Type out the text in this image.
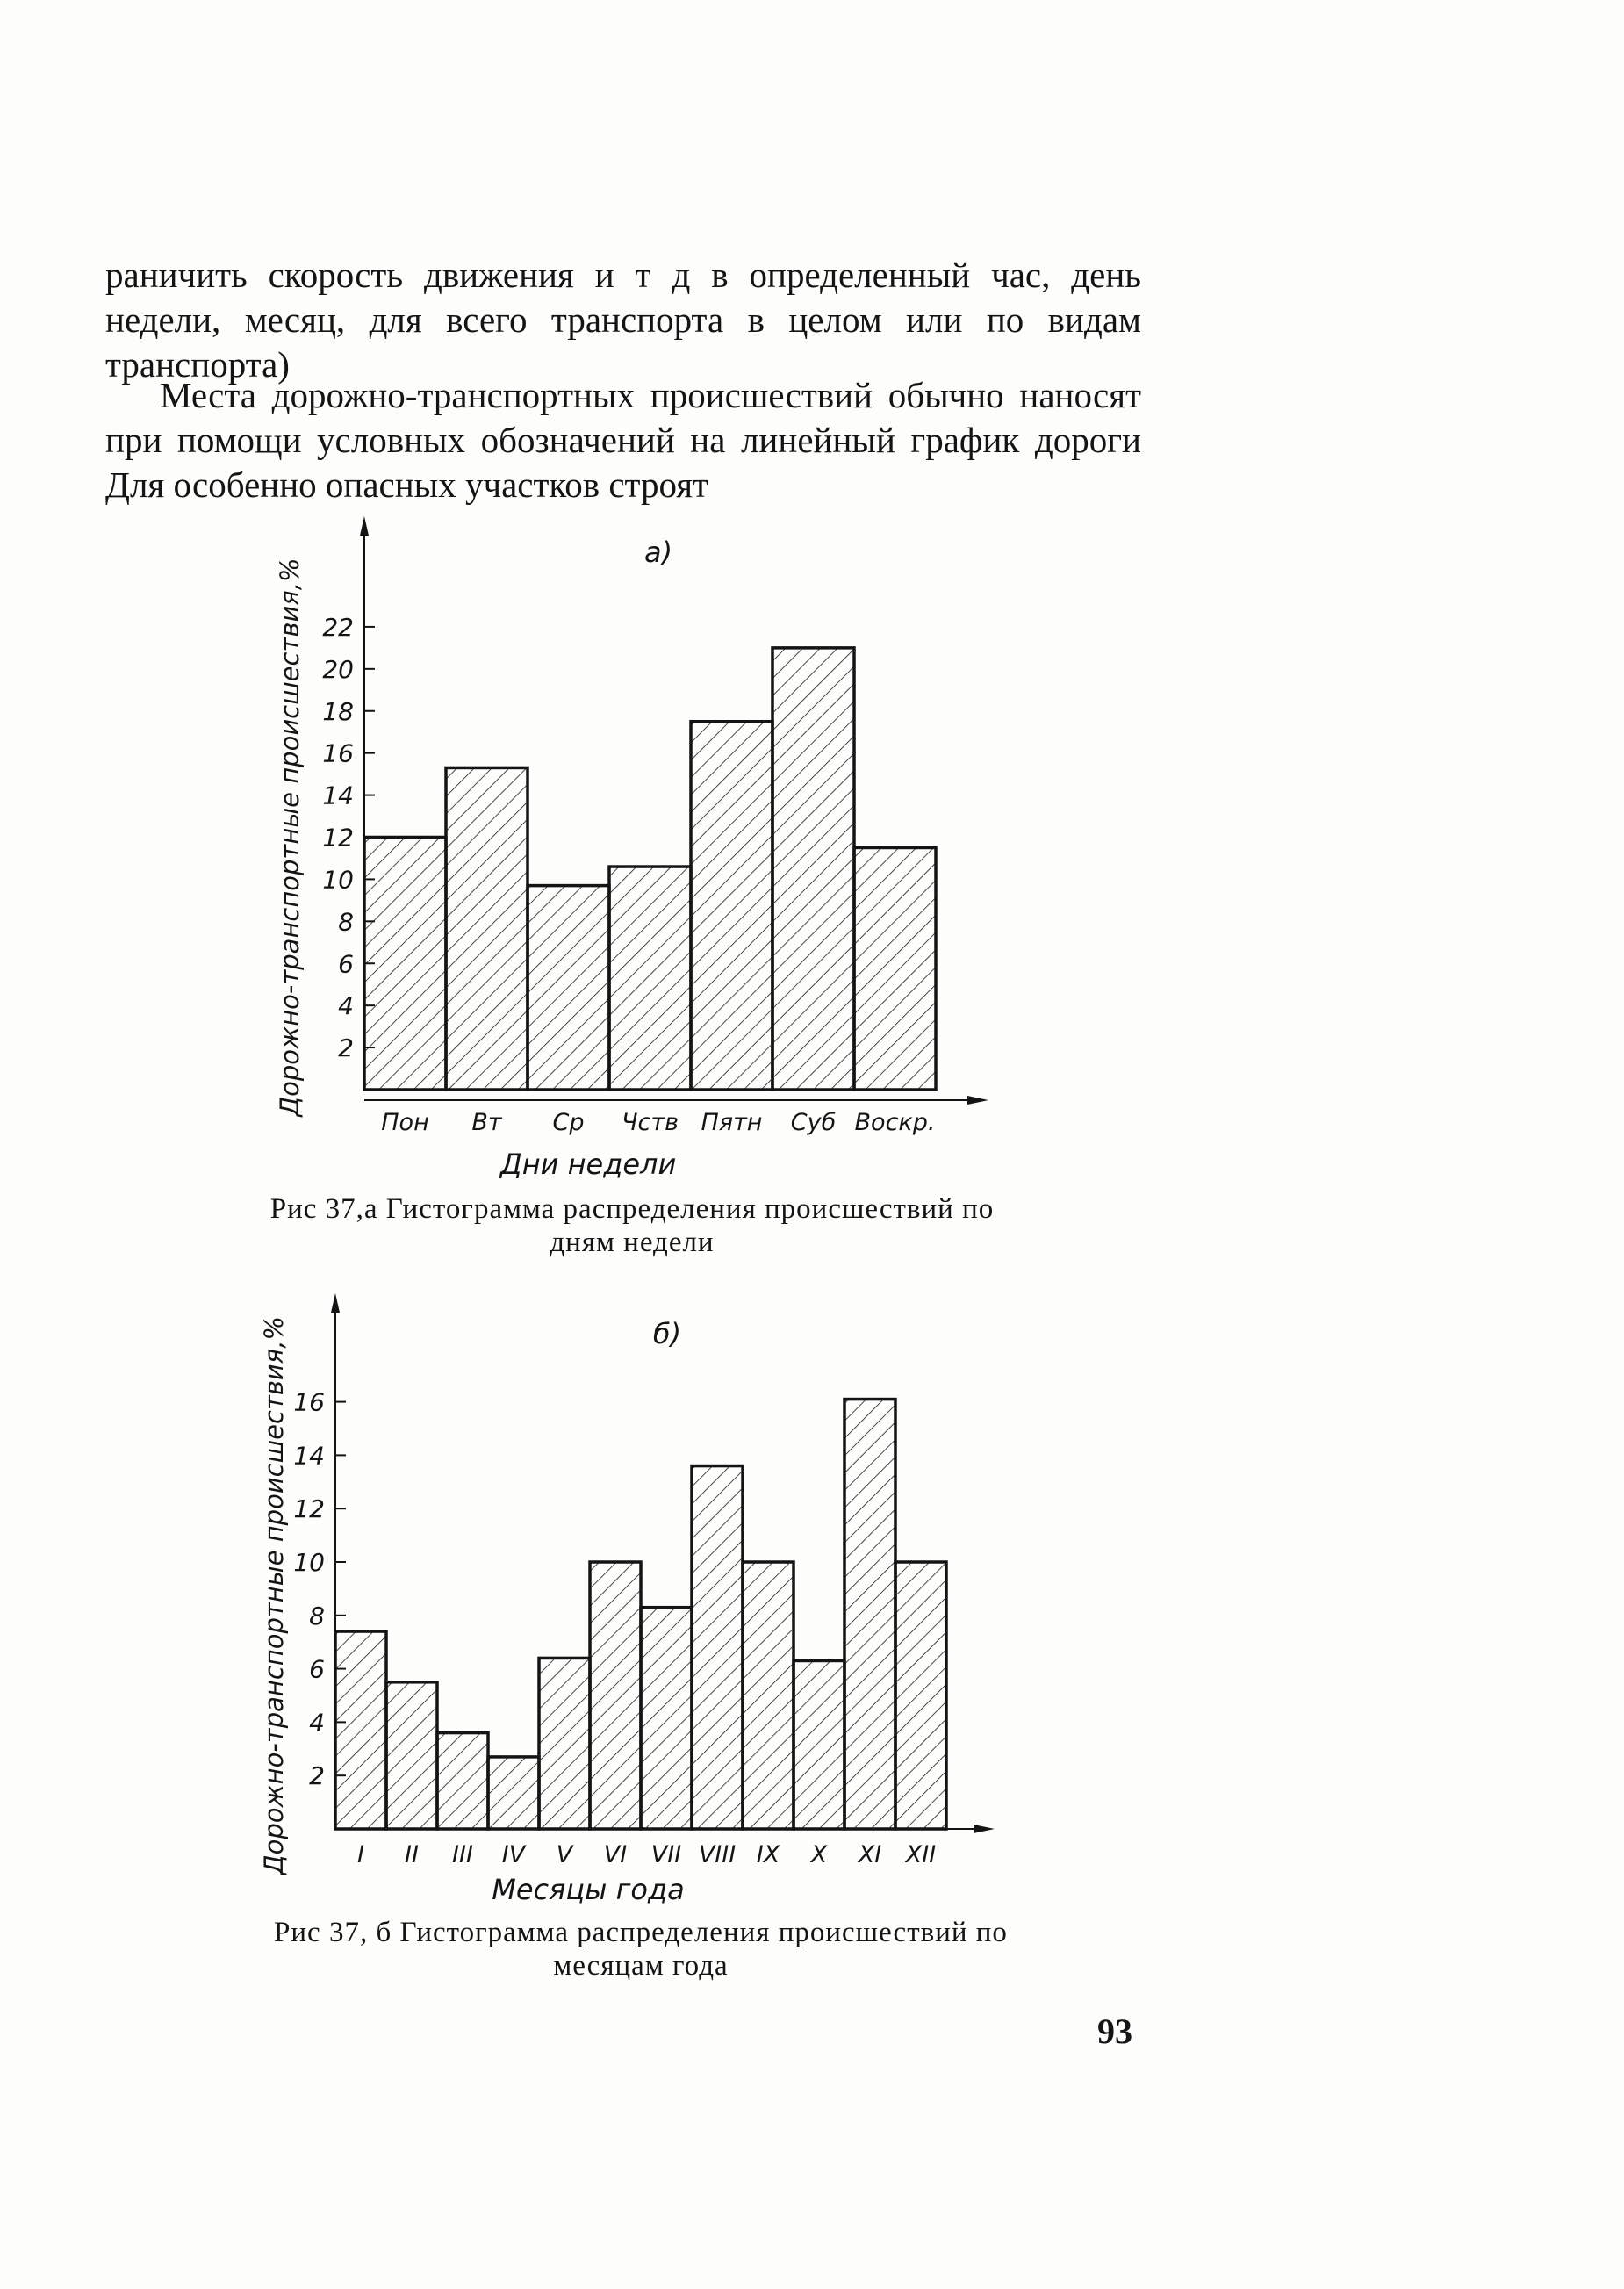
раничить скорость движения и т д в определенный час, день недели, месяц, для всего транспорта в целом или по видам транспорта)

Места дорожно-транспортных происшествий обычно наносят при помощи условных обозначений на линейный график дороги Для особенно опасных участков строят

2
4
6
8
10
12
14
16
18
20
22
Пон Вт Ср Чств Пятн Суб Воскр.
Дни недели
Дорожно-транспортные происшествия,%
а)
Рис 37,а Гистограмма распределения происшествий по дням недели
2
4
6
8
10
12
14
16
I II III IV V VI VII VIII IX X XI XII
Месяцы года
Дорожно-транспортные происшествия,%	б)
Рис 37, б Гистограмма распределения происшествий по месяцам года
93
